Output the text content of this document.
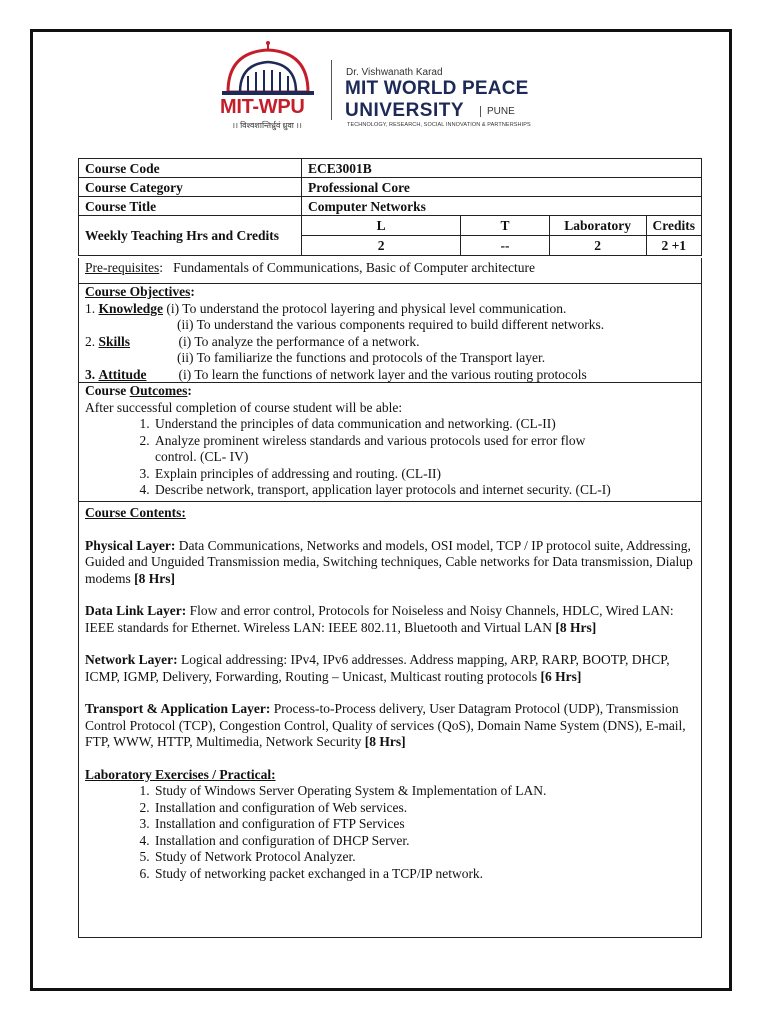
MIT-WPU
।। विश्वशान्तिर्ध्रुवं ध्रुवा ।।
Dr. Vishwanath Karad
MIT WORLD PEACE
UNIVERSITY	PUNE
TECHNOLOGY, RESEARCH, SOCIAL INNOVATION & PARTNERSHIPS
Course Code	ECE3001B			
Course Category	Professional Core			
Course Title	Computer Networks			
Weekly Teaching Hrs and Credits	L	T	Laboratory	Credits
	2	--	2	2 +1
Pre-requisites: Fundamentals of Communications, Basic of Computer architecture
Course Objectives:
1. Knowledge (i) To understand the protocol layering and physical level communication.
(ii) To understand the various components required to build different networks.
2. Skills	(i) To analyze the performance of a network.
(ii) To familiarize the functions and protocols of the Transport layer.
3. Attitude (i) To learn the functions of network layer and the various routing protocols
Course Outcomes:
After successful completion of course student will be able:
1. Understand the principles of data communication and networking. (CL-II)
2. Analyze prominent wireless standards and various protocols used for error flow control. (CL- IV)
3. Explain principles of addressing and routing. (CL-II)
4. Describe network, transport, application layer protocols and internet security. (CL-I)
Course Contents:
Physical Layer: Data Communications, Networks and models, OSI model, TCP / IP protocol suite, Addressing, Guided and Unguided Transmission media, Switching techniques, Cable networks for Data transmission, Dialup modems [8 Hrs]
Data Link Layer: Flow and error control, Protocols for Noiseless and Noisy Channels, HDLC, Wired LAN: IEEE standards for Ethernet. Wireless LAN: IEEE 802.11, Bluetooth and Virtual LAN [8 Hrs]
Network Layer: Logical addressing: IPv4, IPv6 addresses. Address mapping, ARP, RARP, BOOTP, DHCP, ICMP, IGMP, Delivery, Forwarding, Routing – Unicast, Multicast routing protocols [6 Hrs]
Transport & Application Layer: Process-to-Process delivery, User Datagram Protocol (UDP), Transmission Control Protocol (TCP), Congestion Control, Quality of services (QoS), Domain Name System (DNS), E-mail, FTP, WWW, HTTP, Multimedia, Network Security [8 Hrs]
Laboratory Exercises / Practical:
1. Study of Windows Server Operating System & Implementation of LAN.
2. Installation and configuration of Web services.
3. Installation and configuration of FTP Services
4. Installation and configuration of DHCP Server.
5. Study of Network Protocol Analyzer.
6. Study of networking packet exchanged in a TCP/IP network.
